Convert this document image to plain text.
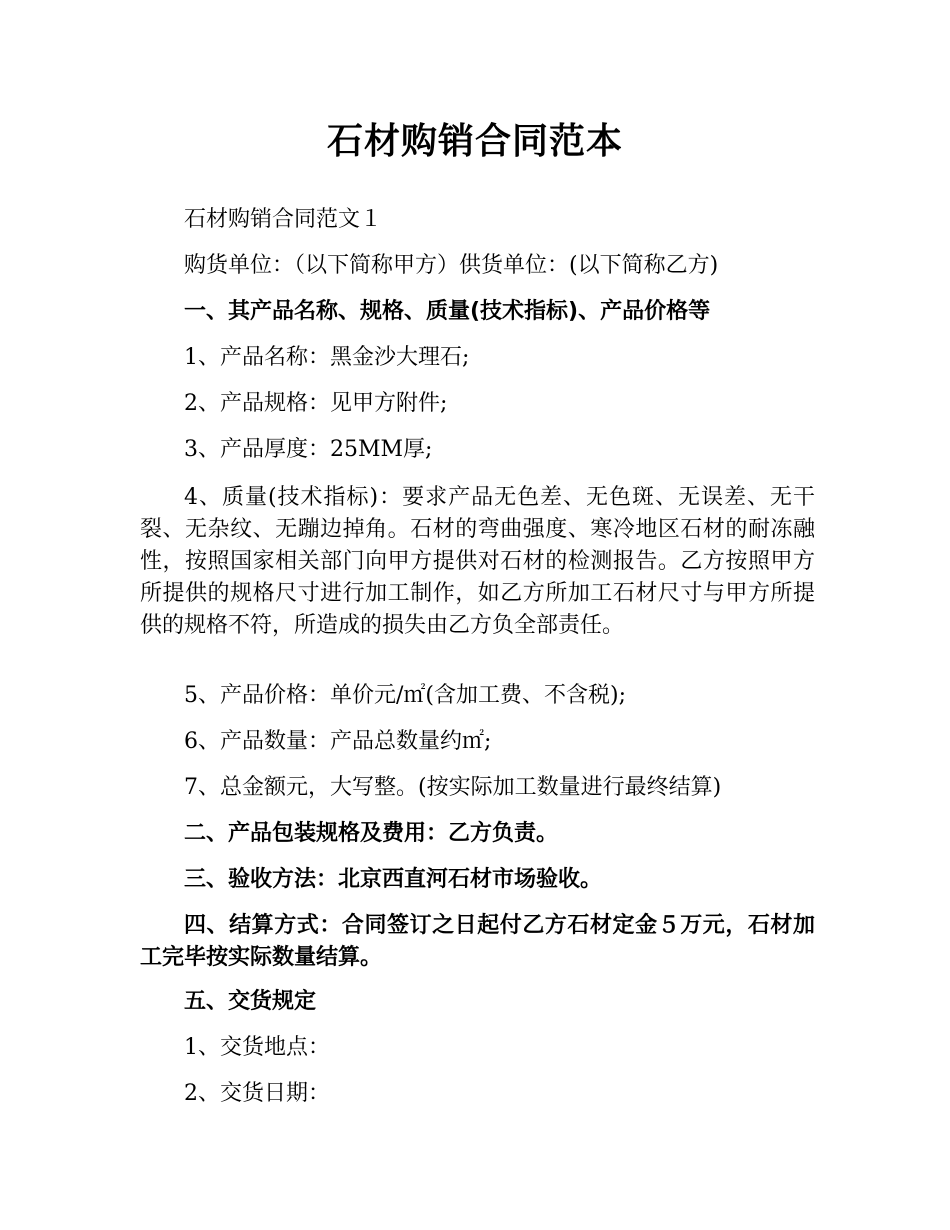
石材购销合同范本
石材购销合同范文１
购货单位：（以下简称甲方）供货单位：(以下简称乙方)
一、其产品名称、规格、质量(技术指标)、产品价格等
1、产品名称：黑金沙大理石;
2、产品规格：见甲方附件;
3、产品厚度：25MM厚;
4、质量(技术指标)：要求产品无色差、无色斑、无误差、无干裂、无杂纹、无蹦边掉角。石材的弯曲强度、寒冷地区石材的耐冻融性，按照国家相关部门向甲方提供对石材的检测报告。乙方按照甲方所提供的规格尺寸进行加工制作，如乙方所加工石材尺寸与甲方所提供的规格不符，所造成的损失由乙方负全部责任。
5、产品价格：单价元/㎡(含加工费、不含税);
6、产品数量：产品总数量约㎡;
7、总金额元，大写整。(按实际加工数量进行最终结算)
二、产品包装规格及费用：乙方负责。
三、验收方法：北京西直河石材市场验收。
四、结算方式：合同签订之日起付乙方石材定金５万元，石材加工完毕按实际数量结算。
五、交货规定
1、交货地点：
2、交货日期：
